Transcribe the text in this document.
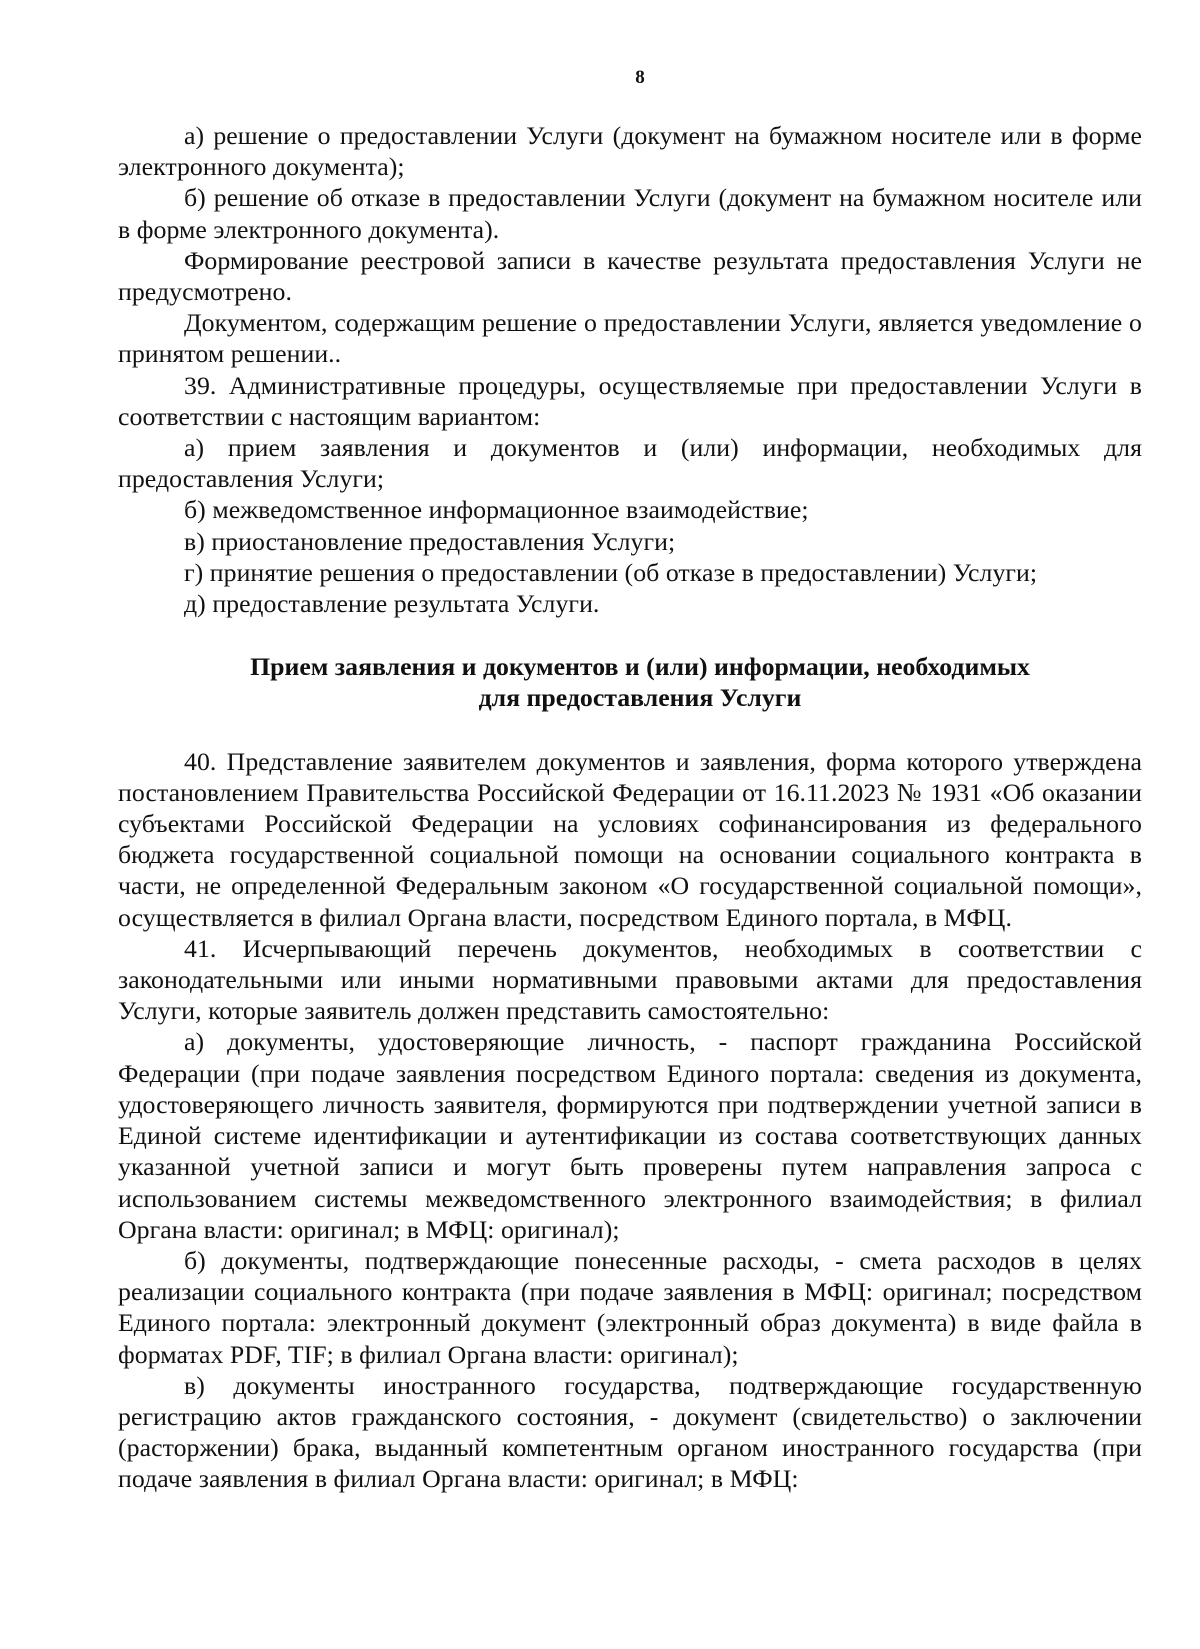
8

а) решение о предоставлении Услуги (документ на бумажном носителе или в форме электронного документа);

б) решение об отказе в предоставлении Услуги (документ на бумажном носителе или в форме электронного документа).

Формирование реестровой записи в качестве результата предоставления Услуги не предусмотрено.

Документом, содержащим решение о предоставлении Услуги, является уведомление о принятом решении..

39. Административные процедуры, осуществляемые при предоставлении Услуги в соответствии с настоящим вариантом:

а) прием заявления и документов и (или) информации, необходимых для предоставления Услуги;

б) межведомственное информационное взаимодействие;

в) приостановление предоставления Услуги;

г) принятие решения о предоставлении (об отказе в предоставлении) Услуги;

д) предоставление результата Услуги.

Прием заявления и документов и (или) информации, необходимых
для предоставления Услуги

40. Представление заявителем документов и заявления, форма которого утверждена постановлением Правительства Российской Федерации от 16.11.2023 № 1931 «Об оказании субъектами Российской Федерации на условиях софинансирования из федерального бюджета государственной социальной помощи на основании социального контракта в части, не определенной Федеральным законом «О государственной социальной помощи», осуществляется в филиал Органа власти, посредством Единого портала, в МФЦ.

41. Исчерпывающий перечень документов, необходимых в соответствии с законодательными или иными нормативными правовыми актами для предоставления Услуги, которые заявитель должен представить самостоятельно:

а) документы, удостоверяющие личность, - паспорт гражданина Российской Федерации (при подаче заявления посредством Единого портала: сведения из документа, удостоверяющего личность заявителя, формируются при подтверждении учетной записи в Единой системе идентификации и аутентификации из состава соответствующих данных указанной учетной записи и могут быть проверены путем направления запроса с использованием системы межведомственного электронного взаимодействия; в филиал Органа власти: оригинал; в МФЦ: оригинал);

б) документы, подтверждающие понесенные расходы, - смета расходов в целях реализации социального контракта (при подаче заявления в МФЦ: оригинал; посредством Единого портала: электронный документ (электронный образ документа) в виде файла в форматах PDF, TIF; в филиал Органа власти: оригинал);

в) документы иностранного государства, подтверждающие государственную регистрацию актов гражданского состояния, - документ (свидетельство) о заключении (расторжении) брака, выданный компетентным органом иностранного государства (при подаче заявления в филиал Органа власти: оригинал; в МФЦ:
